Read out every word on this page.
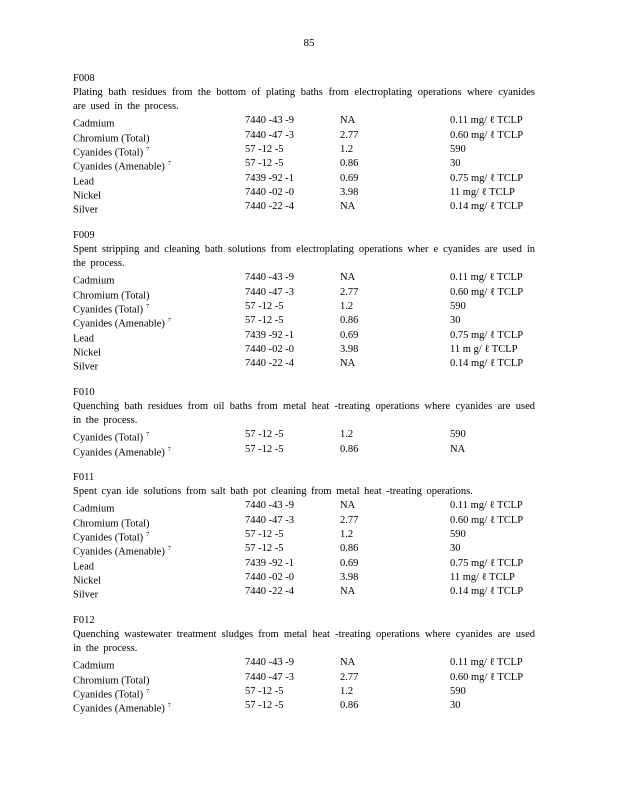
85
F008
Plating bath residues from the bottom of plating baths from electroplating operations where cyanides are used in the process.
Cadmium	7440 -43 -9	NA	0.11 mg/ ℓ TCLP
Chromium (Total)	7440 -47 -3	2.77	0.60 mg/ ℓ TCLP
Cyanides (Total) $^7$	57 -12 -5	1.2	590
Cyanides (Amenable) $^7$	57 -12 -5	0.86	30
Lead	7439 -92 -1	0.69	0.75 mg/ ℓ TCLP
Nickel	7440 -02 -0	3.98	11 mg/ ℓ TCLP
Silver	7440 -22 -4	NA	0.14 mg/ ℓ TCLP
F009
Spent stripping and cleaning bath solutions from electroplating operations wher e cyanides are used in the process.
Cadmium	7440 -43 -9	NA	0.11 mg/ ℓ TCLP
Chromium (Total)	7440 -47 -3	2.77	0.60 mg/ ℓ TCLP
Cyanides (Total) $^7$	57 -12 -5	1.2	590
Cyanides (Amenable) $^7$	57 -12 -5	0.86	30
Lead	7439 -92 -1	0.69	0.75 mg/ ℓ TCLP
Nickel	7440 -02 -0	3.98	11 m g/ ℓ TCLP
Silver	7440 -22 -4	NA	0.14 mg/ ℓ TCLP
F010
Quenching bath residues from oil baths from metal heat -treating operations where cyanides are used in the process.
Cyanides (Total) $^7$	57 -12 -5	1.2	590
Cyanides (Amenable) $^7$	57 -12 -5	0.86	NA
F011
Spent cyan ide solutions from salt bath pot cleaning from metal heat -treating operations.
Cadmium	7440 -43 -9	NA	0.11 mg/ ℓ TCLP
Chromium (Total)	7440 -47 -3	2.77	0.60 mg/ ℓ TCLP
Cyanides (Total) $^7$	57 -12 -5	1.2	590
Cyanides (Amenable) $^7$	57 -12 -5	0.86	30
Lead	7439 -92 -1	0.69	0.75 mg/ ℓ TCLP
Nickel	7440 -02 -0	3.98	11 mg/ ℓ TCLP
Silver	7440 -22 -4	NA	0.14 mg/ ℓ TCLP
F012
Quenching wastewater treatment sludges from metal heat -treating operations where cyanides are used in the process.
Cadmium	7440 -43 -9	NA	0.11 mg/ ℓ TCLP
Chromium (Total)	7440 -47 -3	2.77	0.60 mg/ ℓ TCLP
Cyanides (Total) $^7$	57 -12 -5	1.2	590
Cyanides (Amenable) $^7$	57 -12 -5	0.86	30
